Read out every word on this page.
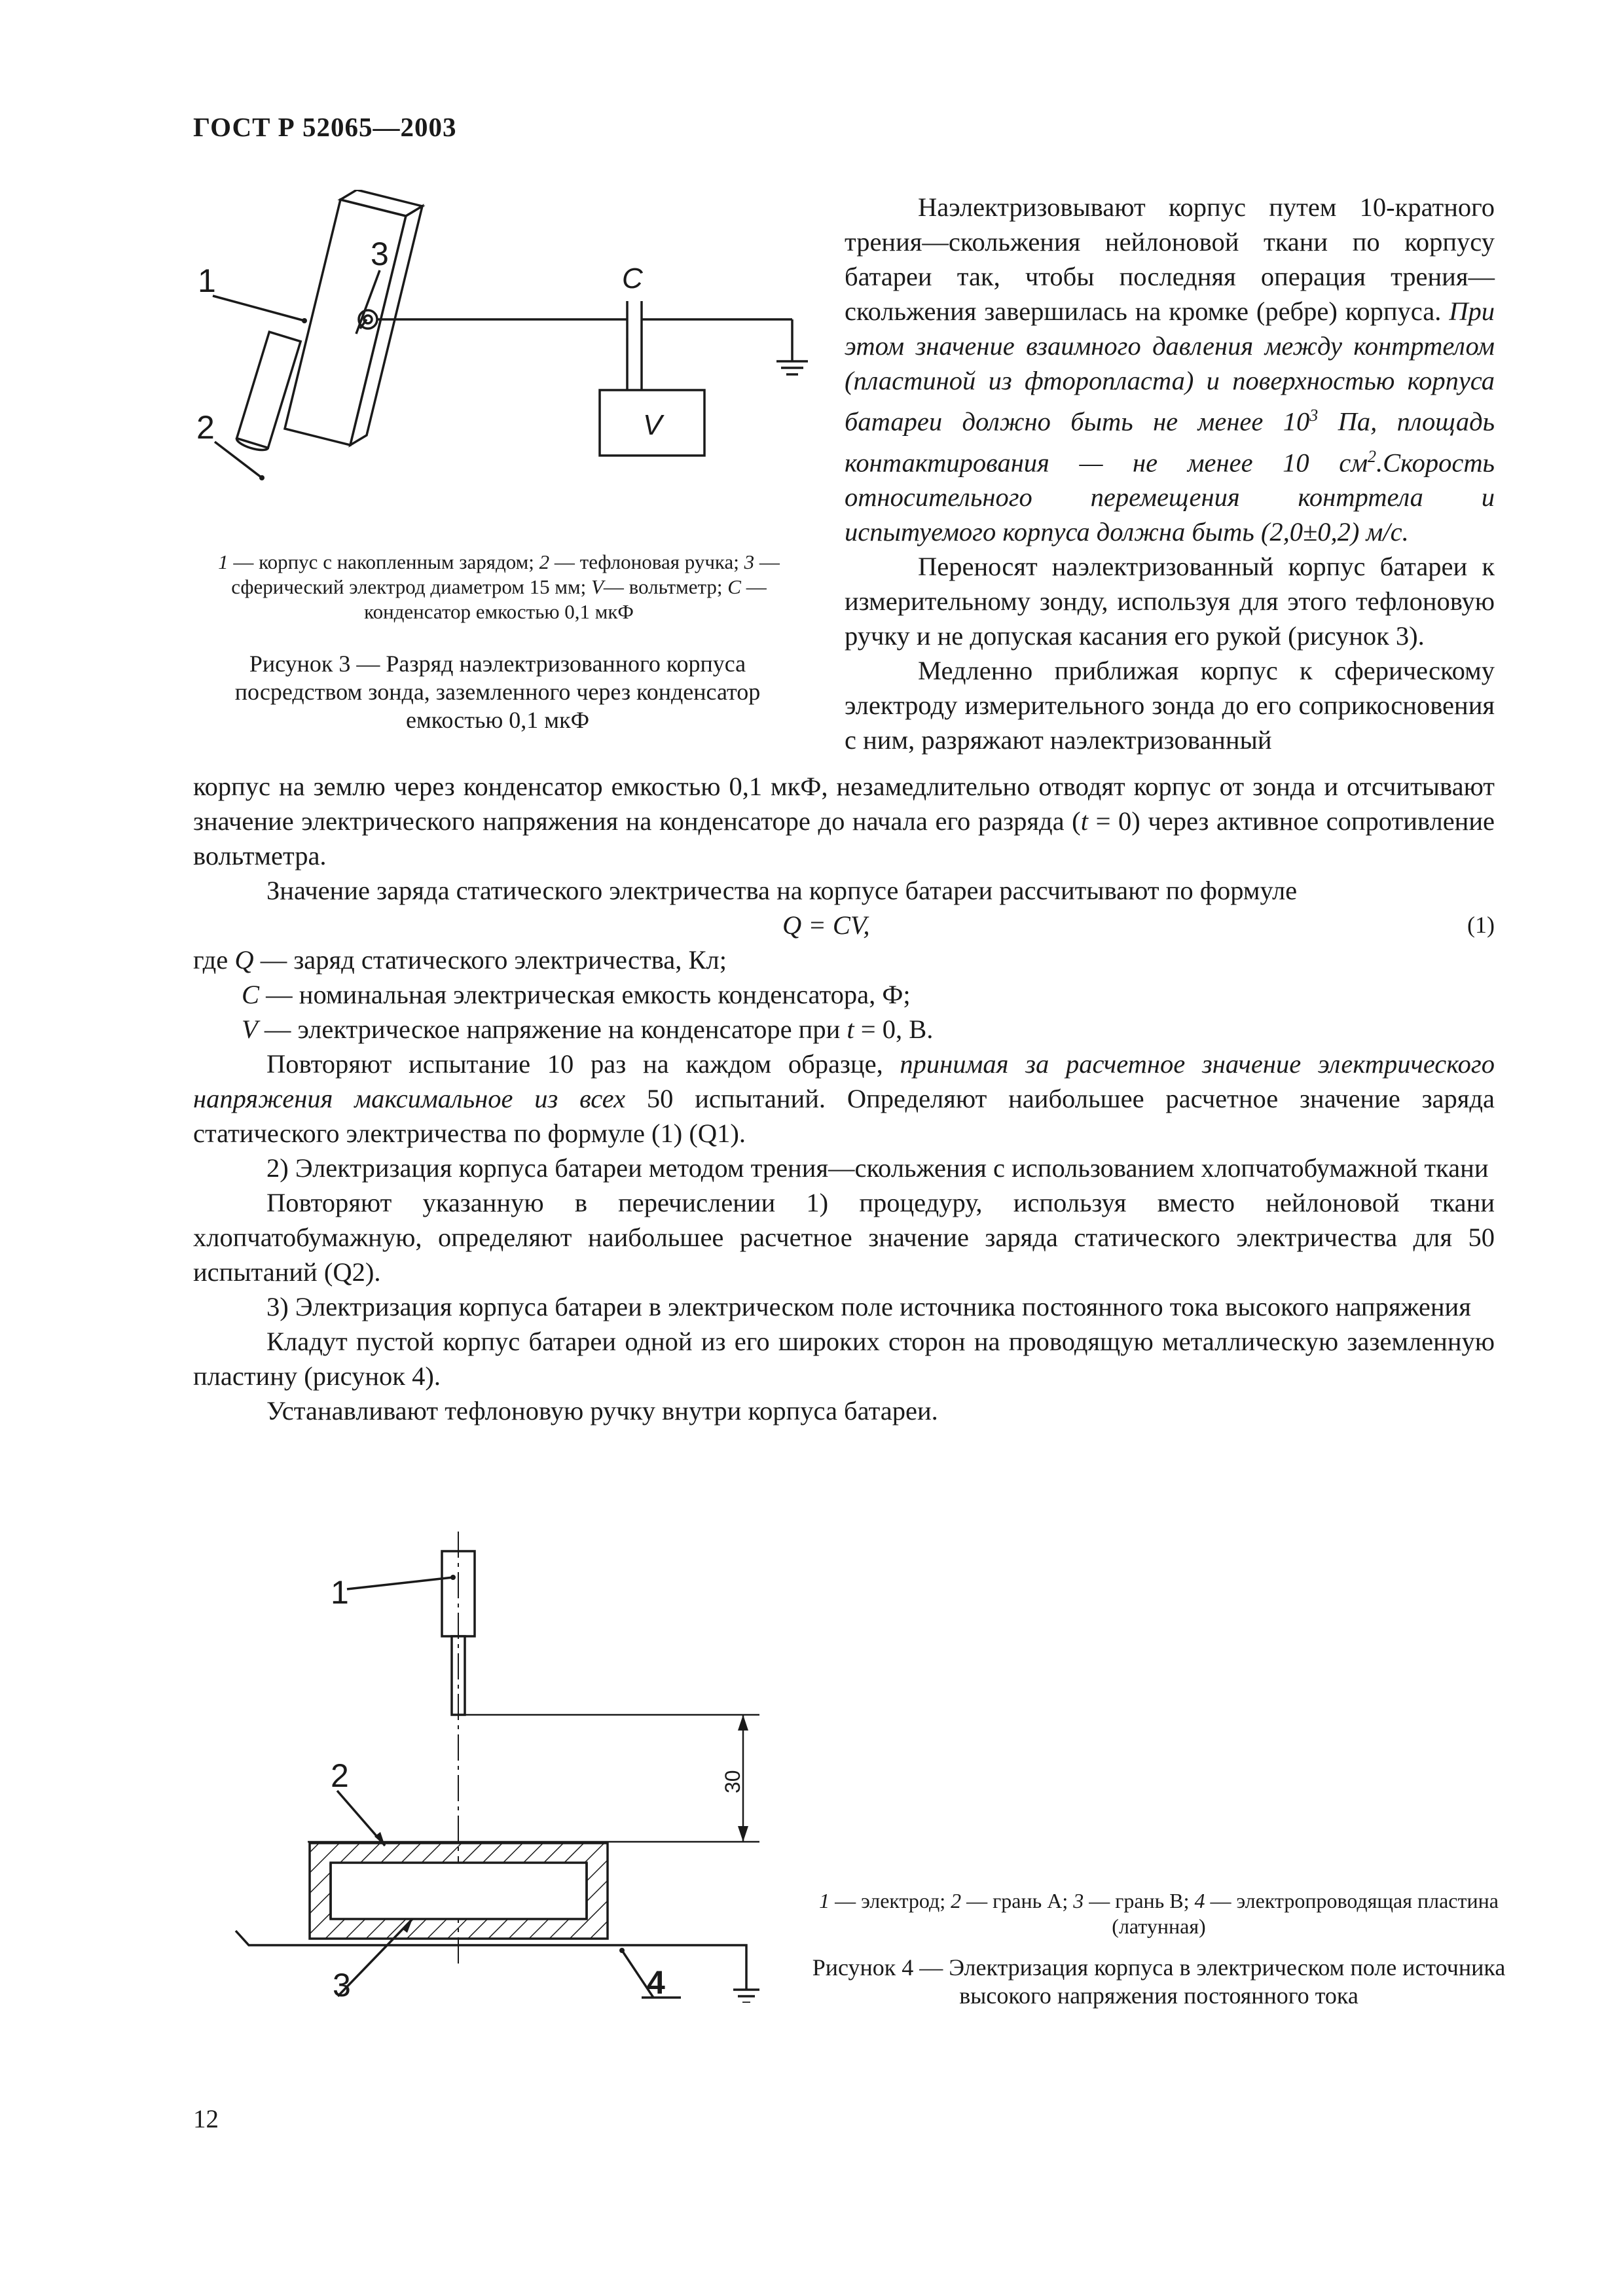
ГОСТ Р 52065—2003
1
2
3
C
V

1 — корпус с накопленным зарядом; 2 — тефлоновая ручка; 3 — сферический электрод диаметром 15 мм; V— вольтметр; C — конденсатор емкостью 0,1 мкФ

Рисунок 3 — Разряд наэлектризованного корпуса посредством зонда, заземленного через конденсатор емкостью 0,1 мкФ

Наэлектризовывают корпус путем 10-кратного трения—скольжения нейлоновой ткани по корпусу батареи так, чтобы последняя операция трения—скольжения завершилась на кромке (ребре) корпуса. При этом значение взаимного давления между контртелом (пластиной из фторопласта) и поверхностью корпуса батареи должно быть не менее $10^3$ Па, площадь контактирования — не менее 10 $см^2.Скорость$ относительного перемещения контртела и испытуемого корпуса должна быть (2,0±0,2) м/с.

Переносят наэлектризованный корпус батареи к измерительному зонду, используя для этого тефлоновую ручку и не допуская касания его рукой (рисунок 3).

Медленно приближая корпус к сферическому электроду измерительного зонда до его соприкосновения с ним, разряжают наэлектризованный

корпус на землю через конденсатор емкостью 0,1 мкФ, незамедлительно отводят корпус от зонда и отсчитывают значение электрического напряжения на конденсаторе до начала его разряда (t = 0) через активное сопротивление вольтметра.

Значение заряда статического электричества на корпусе батареи рассчитывают по формуле

Q = CV,	(1)

где Q — заряд статического электричества, Кл;

C — номинальная электрическая емкость конденсатора, Ф;

V — электрическое напряжение на конденсаторе при t = 0, В.

Повторяют испытание 10 раз на каждом образце, принимая за расчетное значение электрического напряжения максимальное из всех 50 испытаний. Определяют наибольшее расчетное значение заряда статического электричества по формуле (1) (Q1).

2) Электризация корпуса батареи методом трения—скольжения с использованием хлопчатобумажной ткани

Повторяют указанную в перечислении 1) процедуру, используя вместо нейлоновой ткани хлопчатобумажную, определяют наибольшее расчетное значение заряда статического электричества для 50 испытаний (Q2).

3) Электризация корпуса батареи в электрическом поле источника постоянного тока высокого напряжения

Кладут пустой корпус батареи одной из его широких сторон на проводящую металлическую заземленную пластину (рисунок 4).

Устанавливают тефлоновую ручку внутри корпуса батареи.

1
2
3	4
30

1 — электрод; 2 — грань А; 3 — грань В; 4 — электропроводящая пластина (латунная)

Рисунок 4 — Электризация корпуса в электрическом поле источника высокого напряжения постоянного тока

12
